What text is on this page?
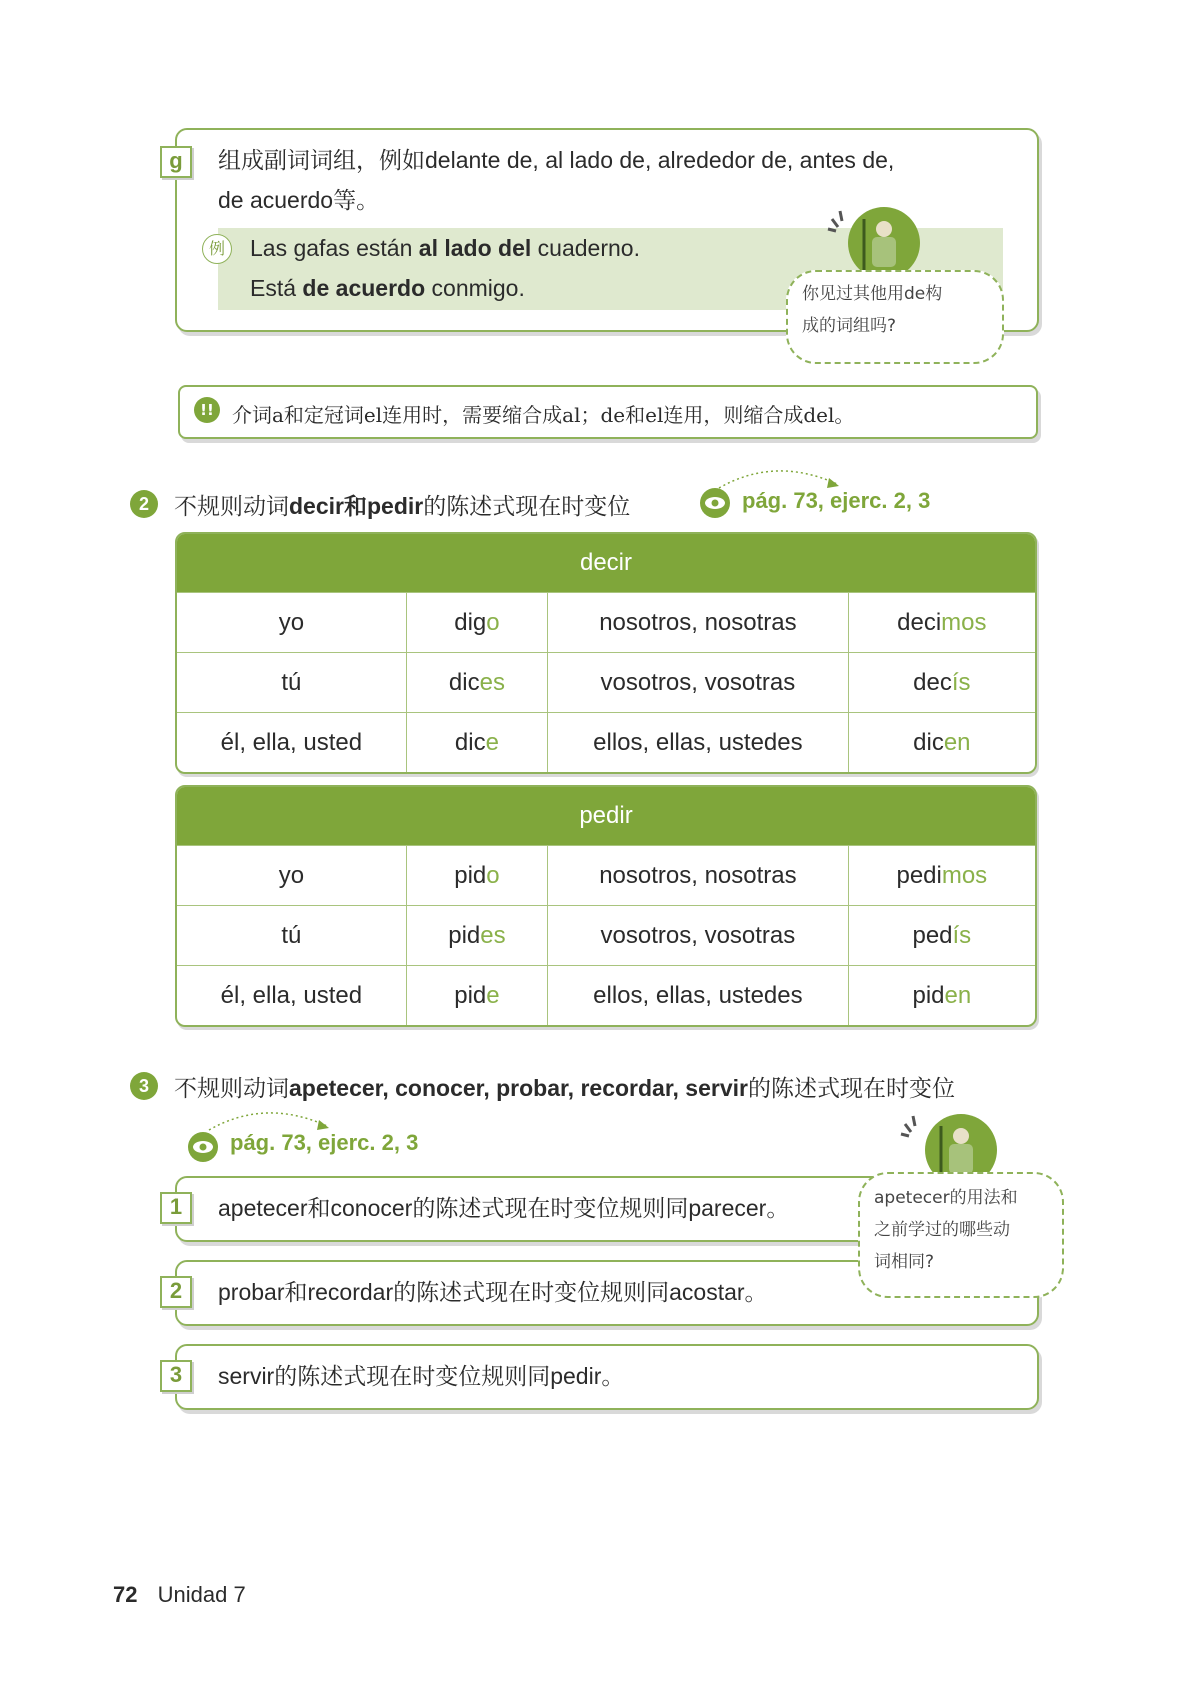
g	组成副词词组，例如delante de, al lado de, alrededor de, antes de,
de acuerdo等。
例	Las gafas están al lado del cuaderno.
Está de acuerdo conmigo.	你见过其他用de构
成的词组吗?
!! 介词a和定冠词el连用时，需要缩合成al；de和el连用，则缩合成del。
2	不规则动词decir和pedir的陈述式现在时变位	pág. 73, ejerc. 2, 3
decir			
yo	digo	nosotros, nosotras	decimos
tú	dices	vosotros, vosotras	decís
él, ella, usted	dice	ellos, ellas, ustedes	dicen
pedir			
yo	pido	nosotros, nosotras	pedimos
tú	pides	vosotros, vosotras	pedís
él, ella, usted	pide	ellos, ellas, ustedes	piden
3	不规则动词apetecer, conocer, probar, recordar, servir的陈述式现在时变位
pág. 73, ejerc. 2, 3
1	apetecer和conocer的陈述式现在时变位规则同parecer。
2	probar和recordar的陈述式现在时变位规则同acostar。
3	servir的陈述式现在时变位规则同pedir。
apetecer的用法和
之前学过的哪些动
词相同?
72 Unidad 7
